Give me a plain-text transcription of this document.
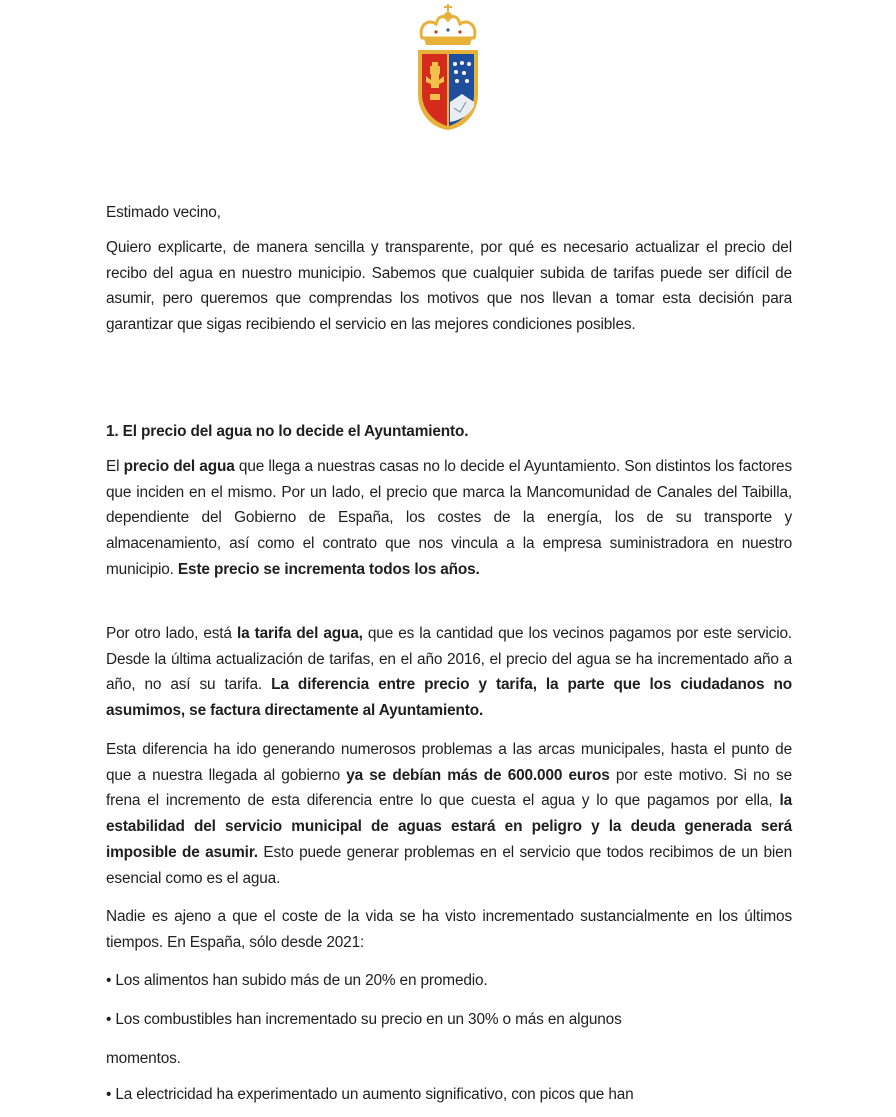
Estimado vecino,

Quiero explicarte, de manera sencilla y transparente, por qué es necesario actualizar el precio del recibo del agua en nuestro municipio. Sabemos que cualquier subida de tarifas puede ser difícil de asumir, pero queremos que comprendas los motivos que nos llevan a tomar esta decisión para garantizar que sigas recibiendo el servicio en las mejores condiciones posibles.

1. El precio del agua no lo decide el Ayuntamiento.

El precio del agua que llega a nuestras casas no lo decide el Ayuntamiento. Son distintos los factores que inciden en el mismo. Por un lado, el precio que marca la Mancomunidad de Canales del Taibilla, dependiente del Gobierno de España, los costes de la energía, los de su transporte y almacenamiento, así como el contrato que nos vincula a la empresa suministradora en nuestro municipio. Este precio se incrementa todos los años.

Por otro lado, está la tarifa del agua, que es la cantidad que los vecinos pagamos por este servicio. Desde la última actualización de tarifas, en el año 2016, el precio del agua se ha incrementado año a año, no así su tarifa. La diferencia entre precio y tarifa, la parte que los ciudadanos no asumimos, se factura directamente al Ayuntamiento.

Esta diferencia ha ido generando numerosos problemas a las arcas municipales, hasta el punto de que a nuestra llegada al gobierno ya se debían más de 600.000 euros por este motivo. Si no se frena el incremento de esta diferencia entre lo que cuesta el agua y lo que pagamos por ella, la estabilidad del servicio municipal de aguas estará en peligro y la deuda generada será imposible de asumir. Esto puede generar problemas en el servicio que todos recibimos de un bien esencial como es el agua.

Nadie es ajeno a que el coste de la vida se ha visto incrementado sustancialmente en los últimos tiempos. En España, sólo desde 2021:

• Los alimentos han subido más de un 20% en promedio.

• Los combustibles han incrementado su precio en un 30% o más en algunos

momentos.

• La electricidad ha experimentado un aumento significativo, con picos que han
